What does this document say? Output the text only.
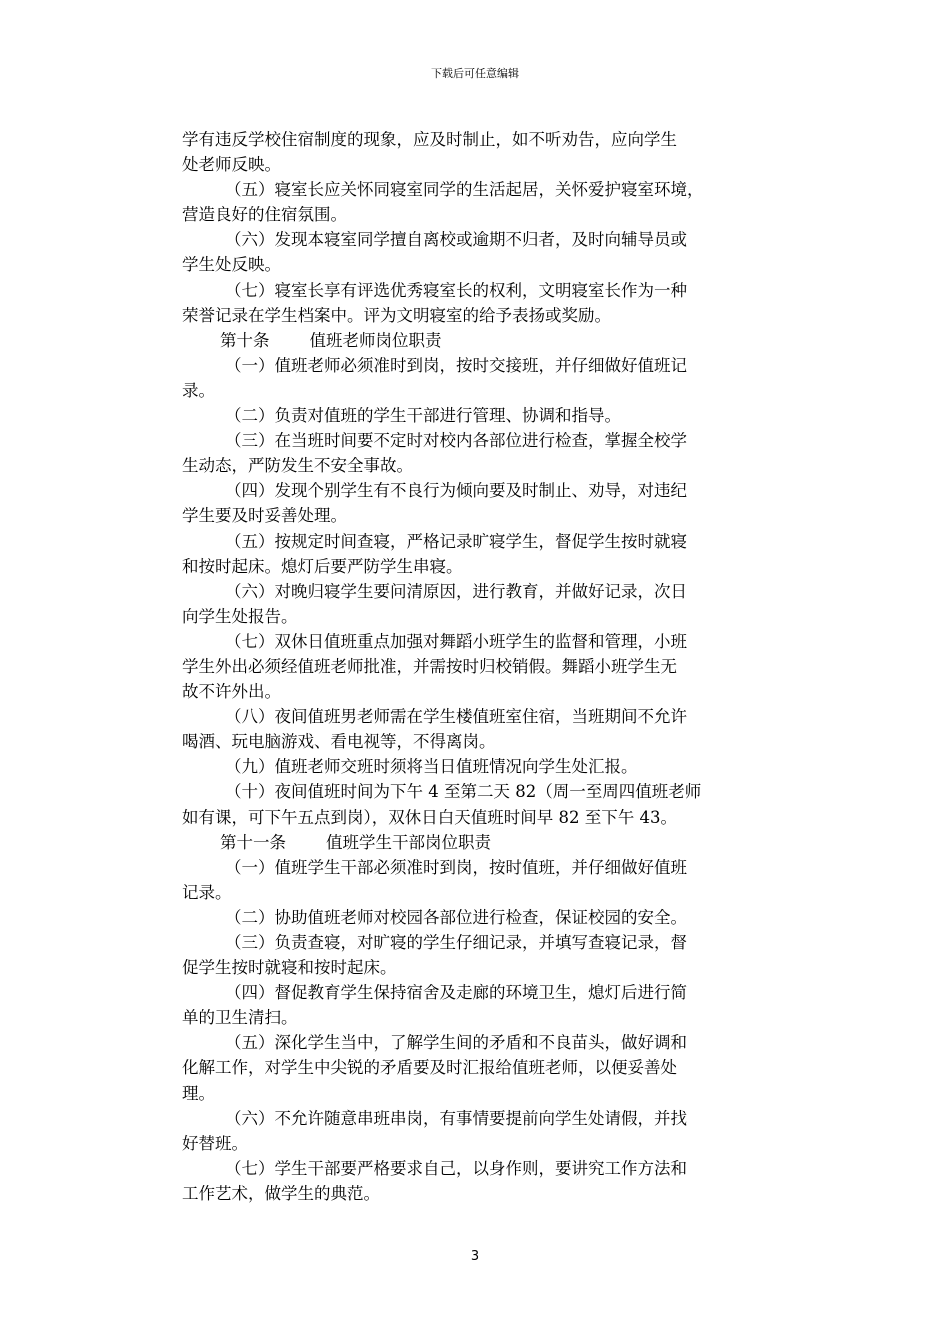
下载后可任意编辑
学有违反学校住宿制度的现象，应及时制止，如不听劝告，应向学生
处老师反映。
（五）寝室长应关怀同寝室同学的生活起居，关怀爱护寝室环境，
营造良好的住宿氛围。
（六）发现本寝室同学擅自离校或逾期不归者，及时向辅导员或
学生处反映。
（七）寝室长享有评选优秀寝室长的权利，文明寝室长作为一种
荣誉记录在学生档案中。评为文明寝室的给予表扬或奖励。
第十条 值班老师岗位职责
（一）值班老师必须准时到岗，按时交接班，并仔细做好值班记
录。
（二）负责对值班的学生干部进行管理、协调和指导。
（三）在当班时间要不定时对校内各部位进行检查，掌握全校学
生动态，严防发生不安全事故。
（四）发现个别学生有不良行为倾向要及时制止、劝导，对违纪
学生要及时妥善处理。
（五）按规定时间查寝，严格记录旷寝学生，督促学生按时就寝
和按时起床。熄灯后要严防学生串寝。
（六）对晚归寝学生要问清原因，进行教育，并做好记录，次日
向学生处报告。
（七）双休日值班重点加强对舞蹈小班学生的监督和管理，小班
学生外出必须经值班老师批准，并需按时归校销假。舞蹈小班学生无
故不许外出。
（八）夜间值班男老师需在学生楼值班室住宿，当班期间不允许
喝酒、玩电脑游戏、看电视等，不得离岗。
（九）值班老师交班时须将当日值班情况向学生处汇报。
（十）夜间值班时间为下午 4 至第二天 82（周一至周四值班老师
如有课，可下午五点到岗），双休日白天值班时间早 82 至下午 43。
第十一条 值班学生干部岗位职责
（一）值班学生干部必须准时到岗，按时值班，并仔细做好值班
记录。
（二）协助值班老师对校园各部位进行检查，保证校园的安全。
（三）负责查寝，对旷寝的学生仔细记录，并填写查寝记录，督
促学生按时就寝和按时起床。
（四）督促教育学生保持宿舍及走廊的环境卫生，熄灯后进行简
单的卫生清扫。
（五）深化学生当中，了解学生间的矛盾和不良苗头，做好调和
化解工作，对学生中尖锐的矛盾要及时汇报给值班老师，以便妥善处
理。
（六）不允许随意串班串岗，有事情要提前向学生处请假，并找
好替班。
（七）学生干部要严格要求自己，以身作则，要讲究工作方法和
工作艺术，做学生的典范。
3
